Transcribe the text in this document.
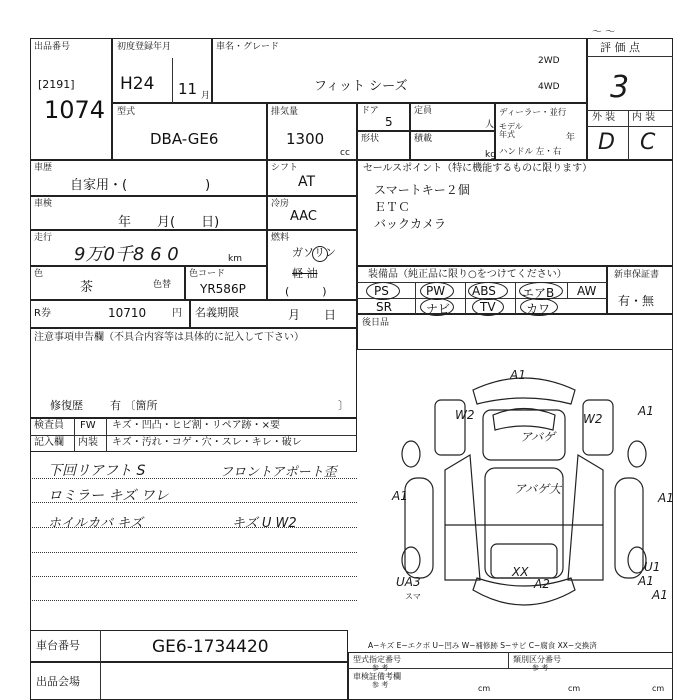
〜 〜
出品番号
[2191]
1074
初度登録年月
H24 11 月
車名・グレード
フィット シーズ
2WD
4WD
評 価 点
3
外 装 内 装
D C
型式
DBA-GE6
排気量
1300
cc
ドア
5
定員
人
形状	積載
kg
ディーラー・並行
モデル年式	年
ハンドル 左・右
車歴
自家用・(　　　　　　)
シフト
AT
セールスポイント（特に機能するものに限ります）
スマートキー２個
ＥＴＣ
バックカメラ
車検
年　　月(　　日)
冷房
AAC
走行
9万0千8 6 0	km
燃料
ガソリン
軽 油
(　　　)
色
茶	色替
色コード
YR586P
装備品（純正品に限り○をつけてください）
PS	PW ABS エアB AW
SR	ナビ TV	カワ
新車保証書
有・無
R券	10710	円 名義期限	月　　日
後日品
注意事項申告欄（不具合内容等は具体的に記入して下さい）
修復歴 有 〔箇所	〕
検査員 FW キズ・凹凸・ヒビ割・リペア跡・×要
記入欄 内装 キズ・汚れ・コゲ・穴・スレ・キレ・破レ
下回リアフト S	フロントアポート歪
ロミラー キズ ワレ
ホイルカバ キズ	キズ U W2
A1
W2	A1
W2
A1
アバゲ
A1	アバゲ大
A1
XX
UA3	A2
U1
A1
スマ
A−キズ E−エクボ U−凹み W−補修跡 S−サビ C−腐食 XX−交換済
車台番号	GE6-1734420
出品会場
型式指定番号
参 考
類別区分番号
参 考
車検証備考欄
参 考	cm	cm	cm
